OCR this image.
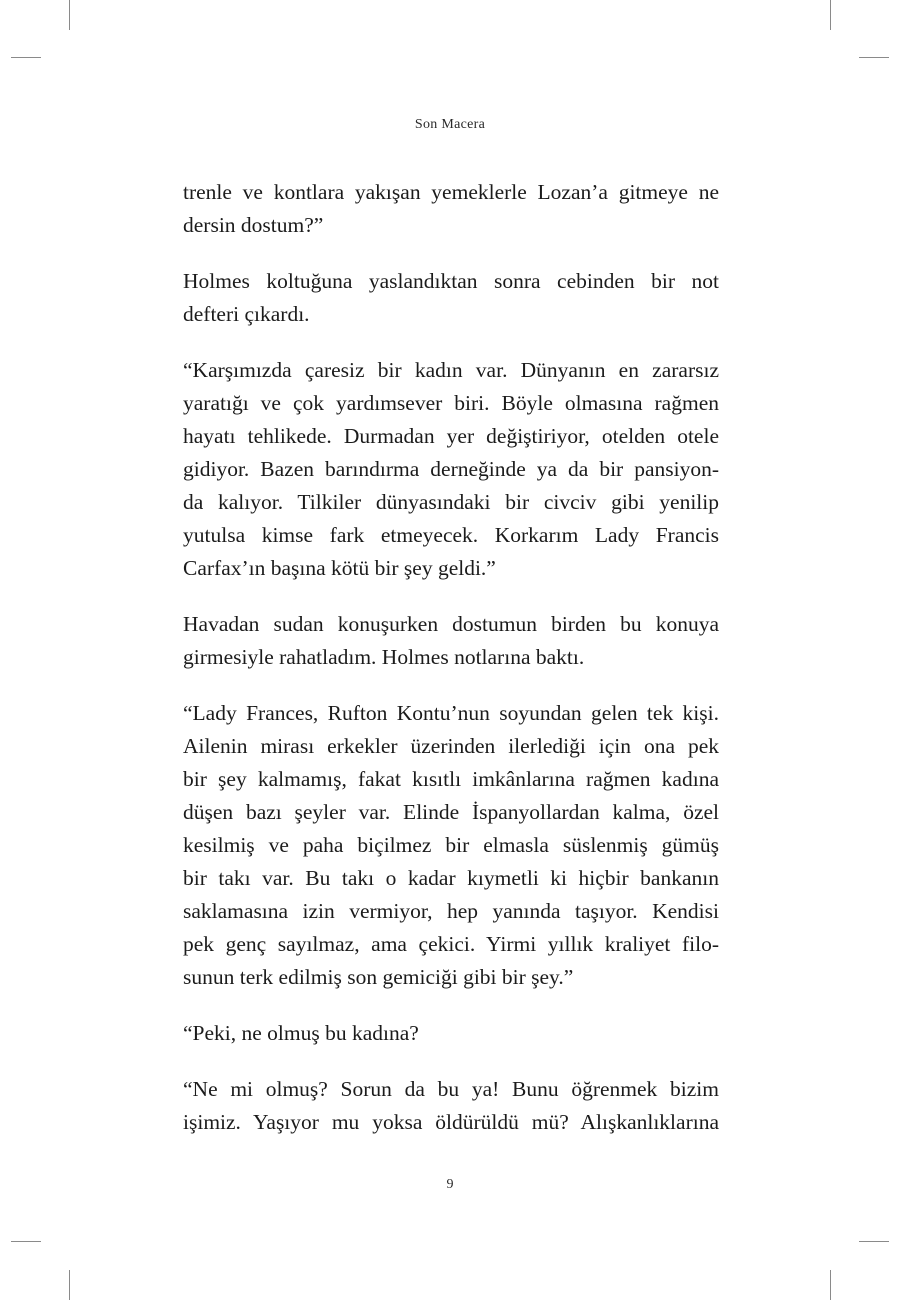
Son Macera

trenle ve kontlara yakışan yemeklerle Lozan’a gitmeye ne
dersin dostum?”

Holmes koltuğuna yaslandıktan sonra cebinden bir not
defteri çıkardı.

“Karşımızda çaresiz bir kadın var. Dünyanın en zararsız
yaratığı ve çok yardımsever biri. Böyle olmasına rağmen
hayatı tehlikede. Durmadan yer değiştiriyor, otelden otele
gidiyor. Bazen barındırma derneğinde ya da bir pansiyon-
da kalıyor. Tilkiler dünyasındaki bir civciv gibi yenilip
yutulsa kimse fark etmeyecek. Korkarım Lady Francis
Carfax’ın başına kötü bir şey geldi.”

Havadan sudan konuşurken dostumun birden bu konuya
girmesiyle rahatladım. Holmes notlarına baktı.

“Lady Frances, Rufton Kontu’nun soyundan gelen tek kişi.
Ailenin mirası erkekler üzerinden ilerlediği için ona pek
bir şey kalmamış, fakat kısıtlı imkânlarına rağmen kadına
düşen bazı şeyler var. Elinde İspanyollardan kalma, özel
kesilmiş ve paha biçilmez bir elmasla süslenmiş gümüş
bir takı var. Bu takı o kadar kıymetli ki hiçbir bankanın
saklamasına izin vermiyor, hep yanında taşıyor. Kendisi
pek genç sayılmaz, ama çekici. Yirmi yıllık kraliyet filo-
sunun terk edilmiş son gemiciği gibi bir şey.”

“Peki, ne olmuş bu kadına?

“Ne mi olmuş? Sorun da bu ya! Bunu öğrenmek bizim
işimiz. Yaşıyor mu yoksa öldürüldü mü? Alışkanlıklarına

9
